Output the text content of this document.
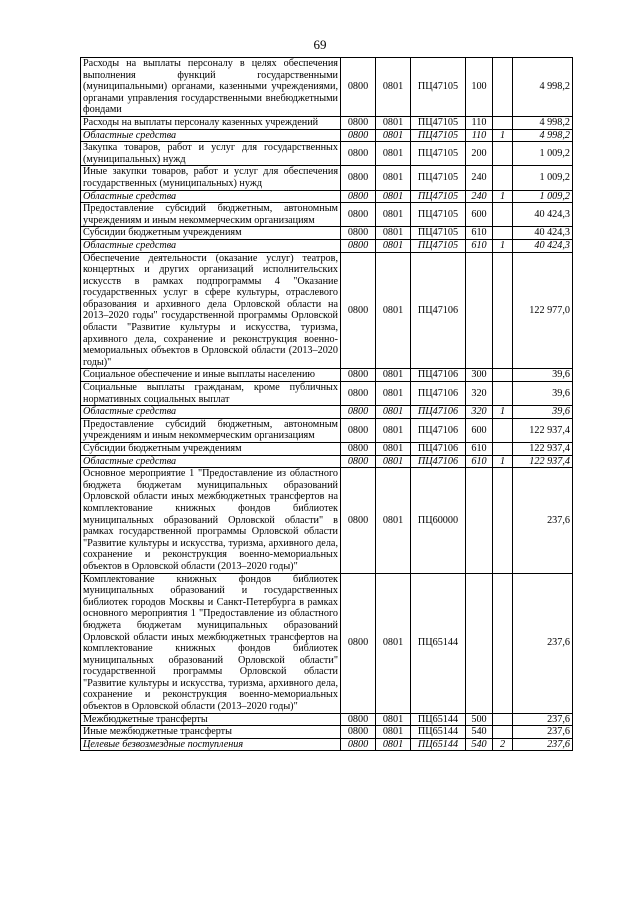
69
Расходы на выплаты персоналу в целях обеспечения выполнения функций государственными (муниципальными) органами, казенными учреждениями, органами управления государственными внебюджетными фондами	0800	0801	ПЦ47105	100		4 998,2
Расходы на выплаты персоналу казенных учреждений	0800	0801	ПЦ47105	110		4 998,2
Областные средства	0800	0801	ПЦ47105	110	1	4 998,2
Закупка товаров, работ и услуг для государственных (муниципальных) нужд	0800	0801	ПЦ47105	200		1 009,2
Иные закупки товаров, работ и услуг для обеспечения государственных (муниципальных) нужд	0800	0801	ПЦ47105	240		1 009,2
Областные средства	0800	0801	ПЦ47105	240	1	1 009,2
Предоставление субсидий бюджетным, автономным учреждениям и иным некоммерческим организациям	0800	0801	ПЦ47105	600		40 424,3
Субсидии бюджетным учреждениям	0800	0801	ПЦ47105	610		40 424,3
Областные средства	0800	0801	ПЦ47105	610	1	40 424,3
Обеспечение деятельности (оказание услуг) театров, концертных и других организаций исполнительских искусств в рамках подпрограммы 4 "Оказание государственных услуг в сфере культуры, отраслевого образования и архивного дела Орловской области на 2013–2020 годы" государственной программы Орловской области "Развитие культуры и искусства, туризма, архивного дела, сохранение и реконструкция военно-мемориальных объектов в Орловской области (2013–2020 годы)"	0800	0801	ПЦ47106			122 977,0
Социальное обеспечение и иные выплаты населению	0800	0801	ПЦ47106	300		39,6
Социальные выплаты гражданам, кроме публичных нормативных социальных выплат	0800	0801	ПЦ47106	320		39,6
Областные средства	0800	0801	ПЦ47106	320	1	39,6
Предоставление субсидий бюджетным, автономным учреждениям и иным некоммерческим организациям	0800	0801	ПЦ47106	600		122 937,4
Субсидии бюджетным учреждениям	0800	0801	ПЦ47106	610		122 937,4
Областные средства	0800	0801	ПЦ47106	610	1	122 937,4
Основное мероприятие 1 "Предоставление из областного бюджета бюджетам муниципальных образований Орловской области иных межбюджетных трансфертов на комплектование книжных фондов библиотек муниципальных образований Орловской области" в рамках государственной программы Орловской области "Развитие культуры и искусства, туризма, архивного дела, сохранение и реконструкция военно-мемориальных объектов в Орловской области (2013–2020 годы)"	0800	0801	ПЦ60000			237,6
Комплектование книжных фондов библиотек муниципальных образований и государственных библиотек городов Москвы и Санкт-Петербурга в рамках основного мероприятия 1 "Предоставление из областного бюджета бюджетам муниципальных образований Орловской области иных межбюджетных трансфертов на комплектование книжных фондов библиотек муниципальных образований Орловской области" государственной программы Орловской области "Развитие культуры и искусства, туризма, архивного дела, сохранение и реконструкция военно-мемориальных объектов в Орловской области (2013–2020 годы)"	0800	0801	ПЦ65144			237,6
Межбюджетные трансферты	0800	0801	ПЦ65144	500		237,6
Иные межбюджетные трансферты	0800	0801	ПЦ65144	540		237,6
Целевые безвозмездные поступления	0800	0801	ПЦ65144	540	2	237,6
